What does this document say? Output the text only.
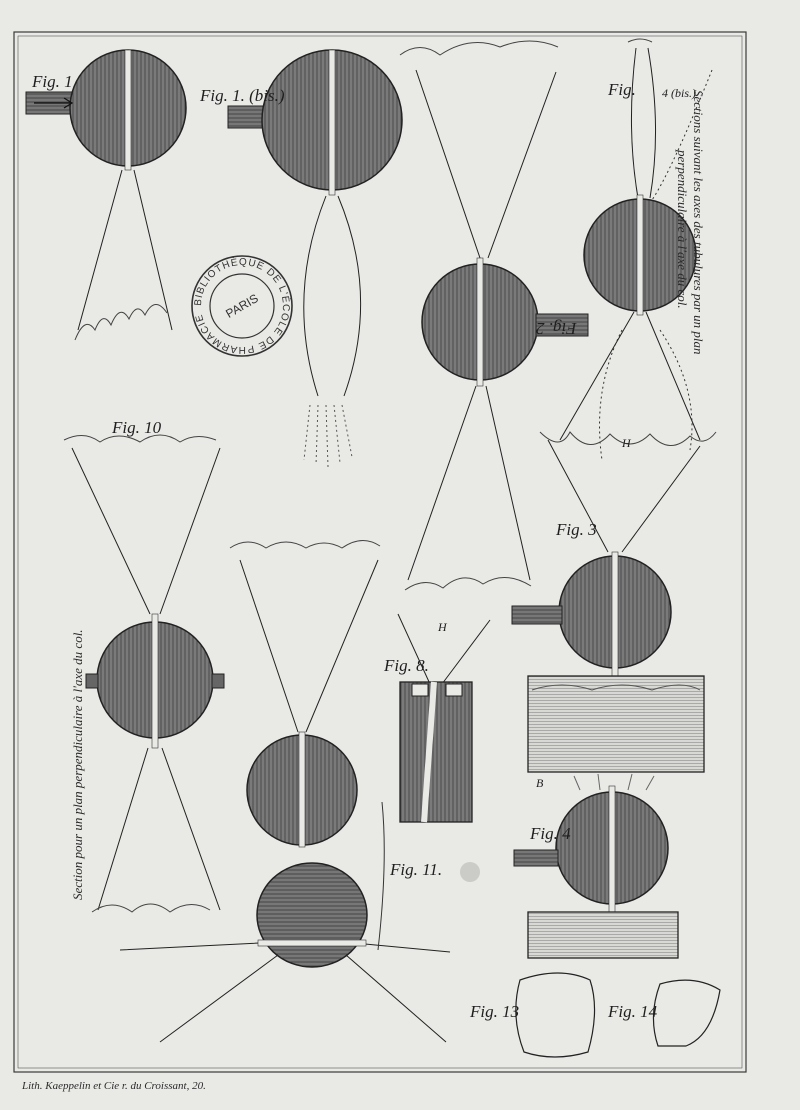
BIBLIOTHÈQUE DE L'ÉCOLE DE PHARMACIE	PARIS
Fig. 1
Fig. 1. (bis.)
Fig. 2
Fig. 4 (bis.)
Fig. 3
Fig. 4
Fig. 8.
Fig. 10
Fig. 11.
Fig. 13	Fig. 14
H
H
B
Sections suivant les axes des tubulures par un plan
perpendiculaire à l'axe du col.
Section pour un plan perpendiculaire à l'axe du col.
Lith. Kaeppelin et Cie r. du Croissant, 20.
